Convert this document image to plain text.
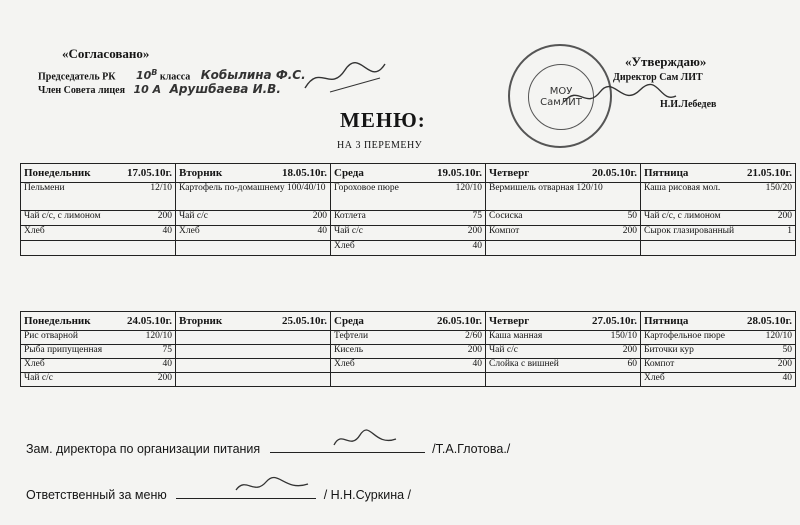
«Согласовано»
Председатель РК $10^В$ класса Кобылина Ф.С.
Член Совета лицея 10 А Арушбаева И.В.	МОУ
СамЛИТ
«Утверждаю»
Директор Сам ЛИТ
Н.И.Лебедев
МЕНЮ:
НА 3 ПЕРЕМЕНУ
Понедельник 17.05.10г.	Вторник 18.05.10г.	Среда 19.05.10г.	Четверг 20.05.10г.	Пятница 21.05.10г.

Пельмени 12/10	Картофель по-домашнему 100/40/10	Гороховое пюре 120/10	Вермишель отварная 120/10	Каша рисовая мол. 150/20

Чай с/с, с лимоном 200	Чай с/с 200	Котлета 75	Сосиска 50	Чай с/с, с лимоном 200

Хлеб 40	Хлеб 40	Чай с/с 200	Компот 200	Сырок глазированный 1

		Хлеб 40		

Понедельник 24.05.10г.	Вторник 25.05.10г.	Среда 26.05.10г.	Четверг 27.05.10г.	Пятница 28.05.10г.

Рис отварной 120/10		Тефтели 2/60	Каша манная 150/10	Картофельное пюре 120/10

Рыба припущенная 75		Кисель 200	Чай с/с 200	Биточки кур 50

Хлеб 40		Хлеб 40	Слойка с вишней 60	Компот 200

Чай с/с 200				Хлеб 40
Зам. директора по организации питания	/Т.А.Глотова./
Ответственный за меню	/ Н.Н.Суркина /
